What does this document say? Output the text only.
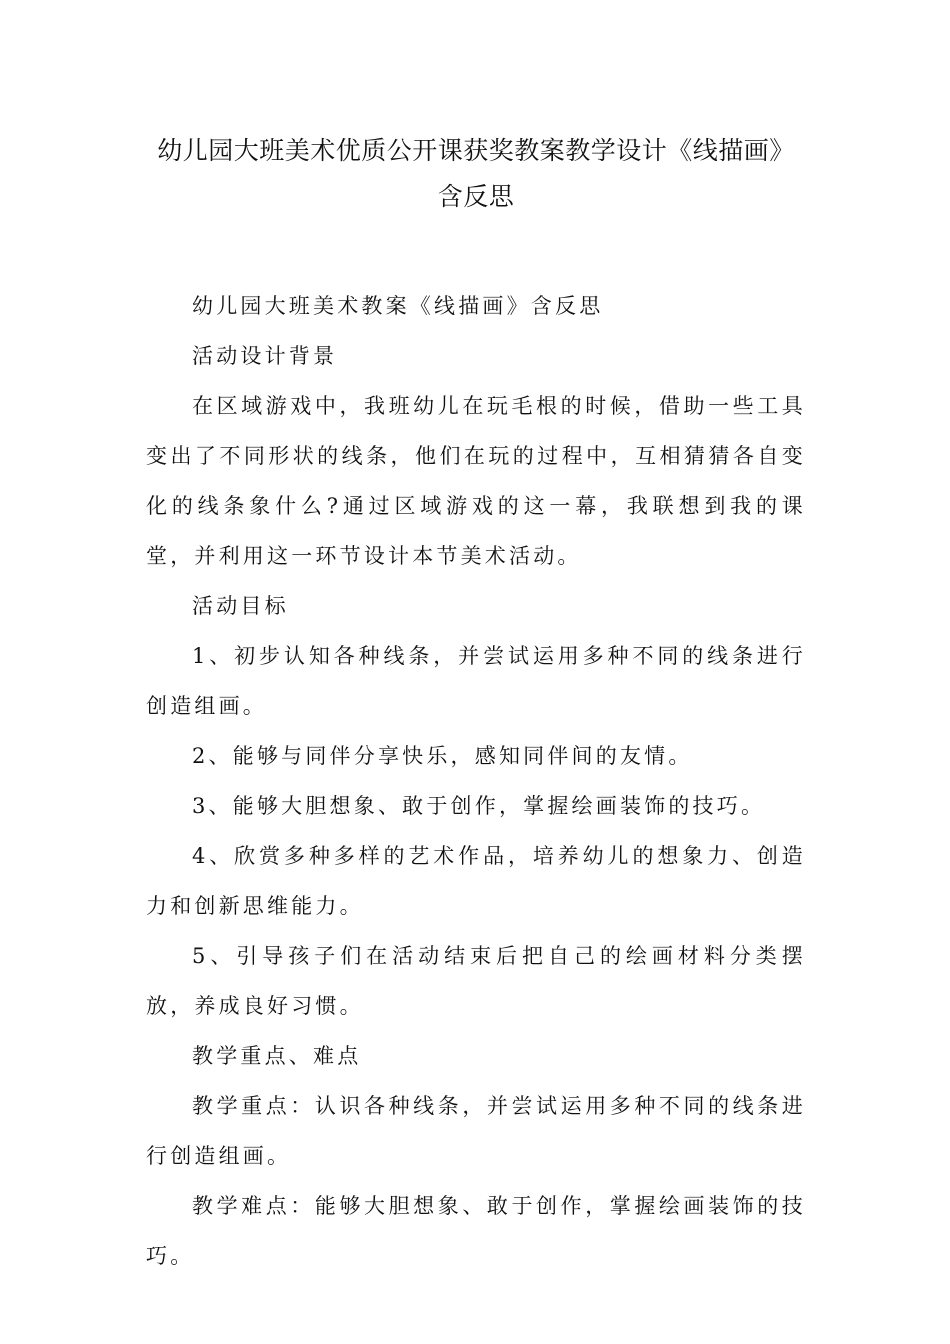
幼儿园大班美术优质公开课获奖教案教学设计《线描画》含反思

幼儿园大班美术教案《线描画》含反思

活动设计背景

在区域游戏中，我班幼儿在玩毛根的时候，借助一些工具变出了不同形状的线条，他们在玩的过程中，互相猜猜各自变化的线条象什么?通过区域游戏的这一幕，我联想到我的课堂，并利用这一环节设计本节美术活动。

活动目标

1、初步认知各种线条，并尝试运用多种不同的线条进行创造组画。

2、能够与同伴分享快乐，感知同伴间的友情。

3、能够大胆想象、敢于创作，掌握绘画装饰的技巧。

4、欣赏多种多样的艺术作品，培养幼儿的想象力、创造力和创新思维能力。

5、引导孩子们在活动结束后把自己的绘画材料分类摆放，养成良好习惯。

教学重点、难点

教学重点：认识各种线条，并尝试运用多种不同的线条进行创造组画。

教学难点：能够大胆想象、敢于创作，掌握绘画装饰的技巧。
